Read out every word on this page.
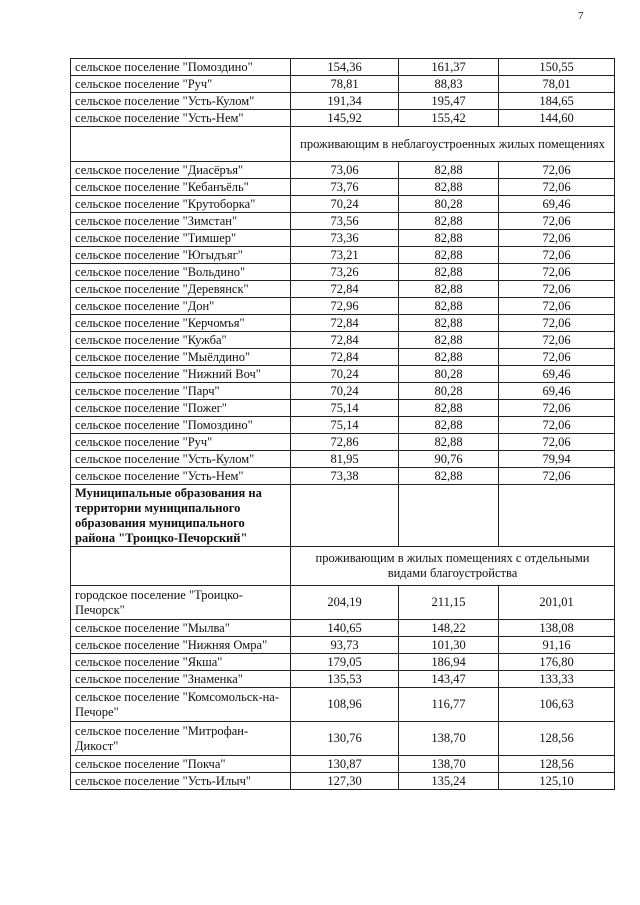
7
сельское поселение "Помоздино"	154,36	161,37	150,55
сельское поселение "Руч"	78,81	88,83	78,01
сельское поселение "Усть-Кулом"	191,34	195,47	184,65
сельское поселение "Усть-Нем"	145,92	155,42	144,60
	проживающим в неблагоустроенных жилых помещениях		
сельское поселение "Диасёръя"	73,06	82,88	72,06
сельское поселение "Кебанъёль"	73,76	82,88	72,06
сельское поселение "Крутоборка"	70,24	80,28	69,46
сельское поселение "Зимстан"	73,56	82,88	72,06
сельское поселение "Тимшер"	73,36	82,88	72,06
сельское поселение "Югыдъяг"	73,21	82,88	72,06
сельское поселение "Вольдино"	73,26	82,88	72,06
сельское поселение "Деревянск"	72,84	82,88	72,06
сельское поселение "Дон"	72,96	82,88	72,06
сельское поселение "Керчомъя"	72,84	82,88	72,06
сельское поселение "Кужба"	72,84	82,88	72,06
сельское поселение "Мыёлдино"	72,84	82,88	72,06
сельское поселение "Нижний Воч"	70,24	80,28	69,46
сельское поселение "Парч"	70,24	80,28	69,46
сельское поселение "Пожег"	75,14	82,88	72,06
сельское поселение "Помоздино"	75,14	82,88	72,06
сельское поселение "Руч"	72,86	82,88	72,06
сельское поселение "Усть-Кулом"	81,95	90,76	79,94
сельское поселение "Усть-Нем"	73,38	82,88	72,06
Муниципальные образования на территории муниципального образования муниципального района "Троицко-Печорский"			
	проживающим в жилых помещениях с отдельными видами благоустройства		
городское поселение "Троицко-Печорск"	204,19	211,15	201,01
сельское поселение "Мылва"	140,65	148,22	138,08
сельское поселение "Нижняя Омра"	93,73	101,30	91,16
сельское поселение "Якша"	179,05	186,94	176,80
сельское поселение "Знаменка"	135,53	143,47	133,33
сельское поселение "Комсомольск-на-Печоре"	108,96	116,77	106,63
сельское поселение "Митрофан-Дикост"	130,76	138,70	128,56
сельское поселение "Покча"	130,87	138,70	128,56
сельское поселение "Усть-Илыч"	127,30	135,24	125,10
